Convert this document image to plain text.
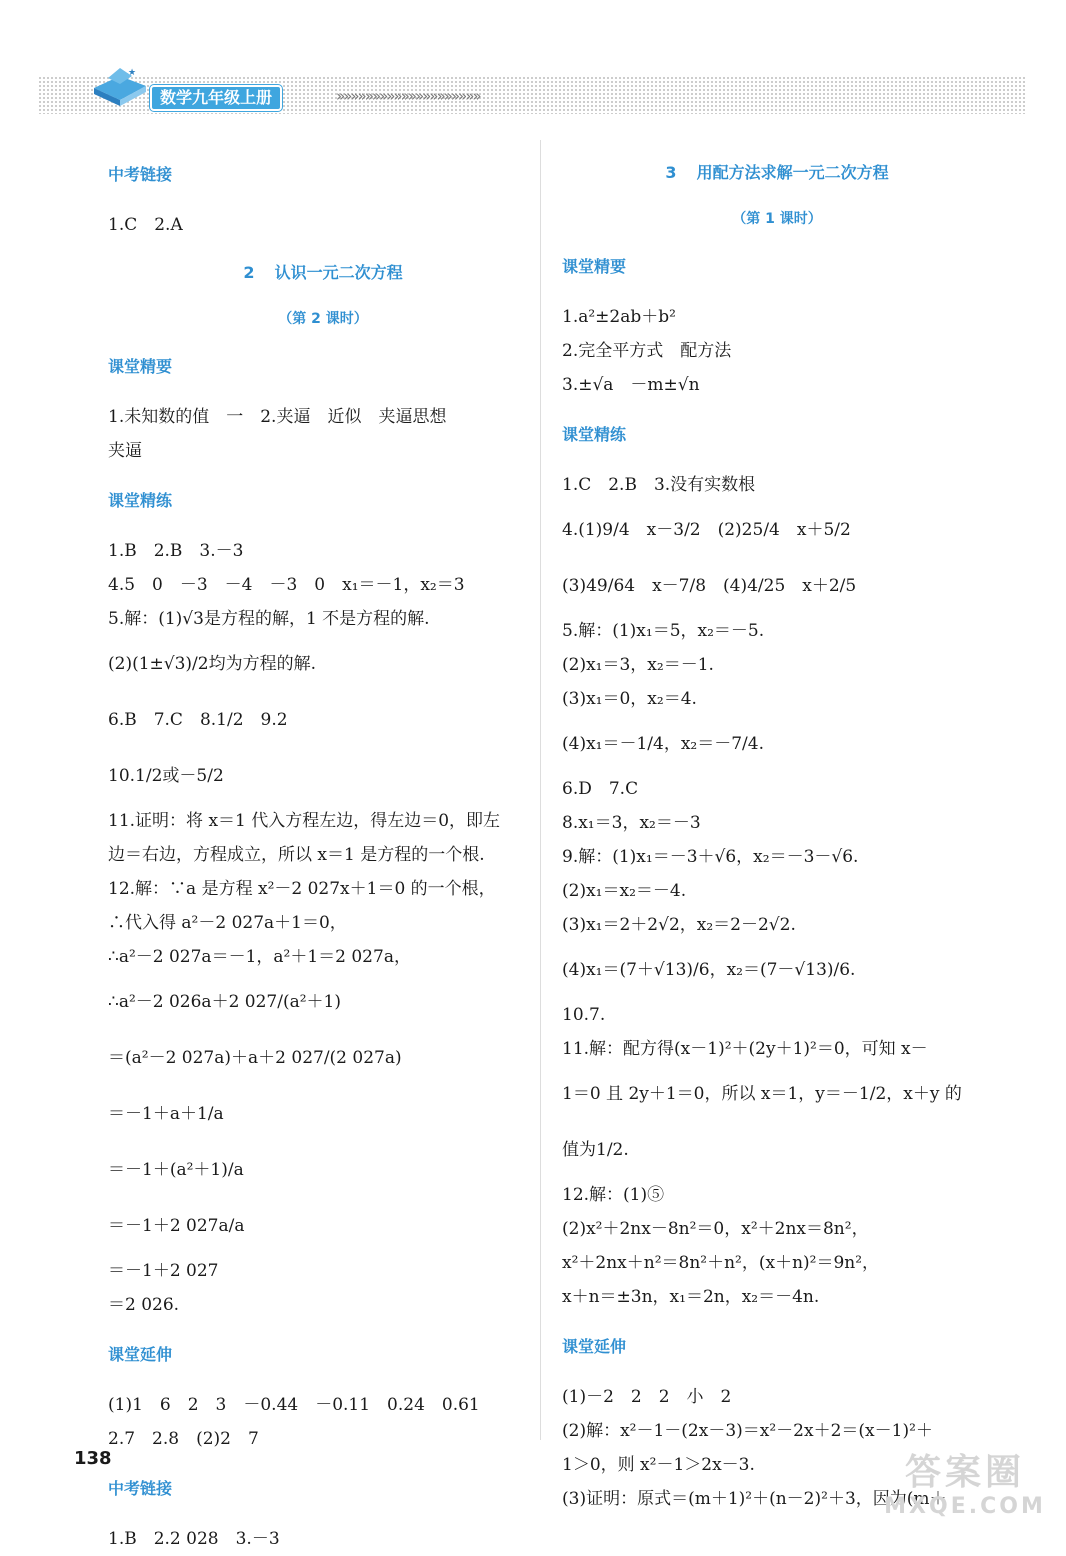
★
数学九年级上册	»»»»»»»»»»»»»»»»»»»»

中考链接

1.C　2.A

2 认识一元二次方程

（第 2 课时）

课堂精要

1.未知数的值　一　2.夹逼　近似　夹逼思想

夹逼

课堂精练

1.B　2.B　3.－3

4.5　0　－3　－4　－3　0　x₁＝－1，x₂＝3

5.解：(1)√3是方程的解，1 不是方程的解.

(2)(1±√3)/2均为方程的解.

6.B　7.C　8.1/2　9.2

10.1/2或－5/2

11.证明：将 x＝1 代入方程左边，得左边＝0，即左

边＝右边，方程成立，所以 x＝1 是方程的一个根.

12.解：∵a 是方程 x²－2 027x＋1＝0 的一个根，

∴代入得 a²－2 027a＋1＝0，

∴a²－2 027a＝－1，a²＋1＝2 027a，

∴a²－2 026a＋2 027/(a²＋1)

＝(a²－2 027a)＋a＋2 027/(2 027a)

＝－1＋a＋1/a

＝－1＋(a²＋1)/a

＝－1＋2 027a/a

＝－1＋2 027

＝2 026.

课堂延伸

(1)1　6　2　3　－0.44　－0.11　0.24　0.61

2.7　2.8　(2)2　7

中考链接

1.B　2.2 028　3.－3

3 用配方法求解一元二次方程

（第 1 课时）

课堂精要

1.a²±2ab＋b²

2.完全平方式　配方法

3.±√a　－m±√n

课堂精练

1.C　2.B　3.没有实数根

4.(1)9/4　x－3/2　(2)25/4　x＋5/2

(3)49/64　x－7/8　(4)4/25　x＋2/5

5.解：(1)x₁＝5，x₂＝－5.

(2)x₁＝3，x₂＝－1.

(3)x₁＝0，x₂＝4.

(4)x₁＝－1/4，x₂＝－7/4.

6.D　7.C

8.x₁＝3，x₂＝－3

9.解：(1)x₁＝－3＋√6，x₂＝－3－√6.

(2)x₁＝x₂＝－4.

(3)x₁＝2＋2√2，x₂＝2－2√2.

(4)x₁＝(7＋√13)/6，x₂＝(7－√13)/6.

10.7.

11.解：配方得(x－1)²＋(2y＋1)²＝0，可知 x－

1＝0 且 2y＋1＝0，所以 x＝1，y＝－1/2，x＋y 的

值为1/2.

12.解：(1)⑤

(2)x²＋2nx－8n²＝0，x²＋2nx＝8n²，

x²＋2nx＋n²＝8n²＋n²，(x＋n)²＝9n²，

x＋n＝±3n，x₁＝2n，x₂＝－4n.

课堂延伸

(1)－2　2　2　小　2

(2)解：x²－1－(2x－3)＝x²－2x＋2＝(x－1)²＋

1＞0，则 x²－1＞2x－3.

(3)证明：原式＝(m＋1)²＋(n－2)²＋3，因为(m＋

138	答案圈
MXQE.COM
